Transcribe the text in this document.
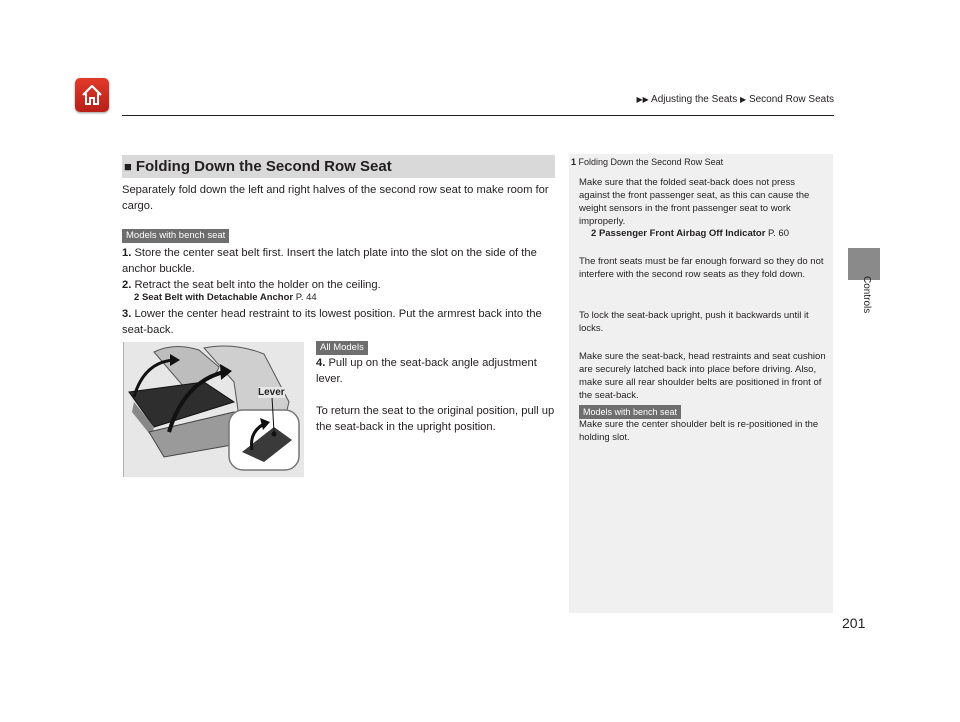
▶▶ Adjusting the Seats ▶ Second Row Seats
Controls
201
■ Folding Down the Second Row Seat
Separately fold down the left and right halves of the second row seat to make room for cargo.
Models with bench seat
1. Store the center seat belt first. Insert the latch plate into the slot on the side of the anchor buckle.
2. Retract the seat belt into the holder on the ceiling.
2 Seat Belt with Detachable Anchor P. 44
3. Lower the center head restraint to its lowest position. Put the armrest back into the seat-back.
Lever
All Models
4. Pull up on the seat-back angle adjustment lever.
To return the seat to the original position, pull up the seat-back in the upright position.
1 Folding Down the Second Row Seat
Make sure that the folded seat-back does not press against the front passenger seat, as this can cause the weight sensors in the front passenger seat to work improperly.
2 Passenger Front Airbag Off Indicator P. 60
The front seats must be far enough forward so they do not interfere with the second row seats as they fold down.
To lock the seat-back upright, push it backwards until it locks.
Make sure the seat-back, head restraints and seat cushion are securely latched back into place before driving. Also, make sure all rear shoulder belts are positioned in front of the seat-back.
Models with bench seat
Make sure the center shoulder belt is re-positioned in the holding slot.
